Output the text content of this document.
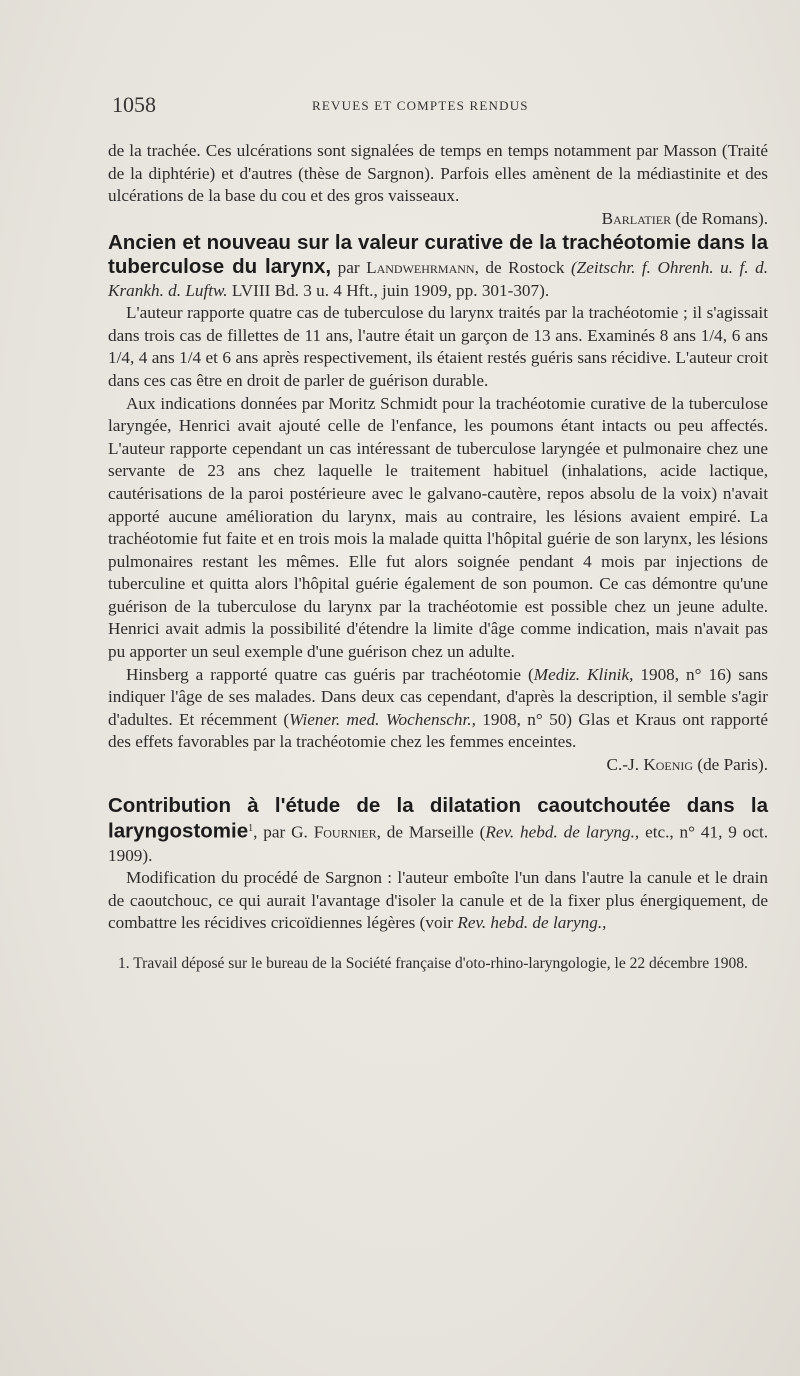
1058	REVUES ET COMPTES RENDUS

de la trachée. Ces ulcérations sont signalées de temps en temps notamment par Masson (Traité de la diphtérie) et d'autres (thèse de Sargnon). Parfois elles amènent de la médiastinite et des ulcérations de la base du cou et des gros vaisseaux.

Barlatier (de Romans).

Ancien et nouveau sur la valeur curative de la trachéotomie dans la tuberculose du larynx, par Landwehrmann, de Rostock (Zeitschr. f. Ohrenh. u. f. d. Krankh. d. Luftw. LVIII Bd. 3 u. 4 Hft., juin 1909, pp. 301-307).

L'auteur rapporte quatre cas de tuberculose du larynx traités par la trachéotomie ; il s'agissait dans trois cas de fillettes de 11 ans, l'autre était un garçon de 13 ans. Examinés 8 ans 1/4, 6 ans 1/4, 4 ans 1/4 et 6 ans après respectivement, ils étaient restés guéris sans récidive. L'auteur croit dans ces cas être en droit de parler de guérison durable.

Aux indications données par Moritz Schmidt pour la trachéotomie curative de la tuberculose laryngée, Henrici avait ajouté celle de l'enfance, les poumons étant intacts ou peu affectés. L'auteur rapporte cependant un cas intéressant de tuberculose laryngée et pulmonaire chez une servante de 23 ans chez laquelle le traitement habituel (inhalations, acide lactique, cautérisations de la paroi postérieure avec le galvano-cautère, repos absolu de la voix) n'avait apporté aucune amélioration du larynx, mais au contraire, les lésions avaient empiré. La trachéotomie fut faite et en trois mois la malade quitta l'hôpital guérie de son larynx, les lésions pulmonaires restant les mêmes. Elle fut alors soignée pendant 4 mois par injections de tuberculine et quitta alors l'hôpital guérie également de son poumon. Ce cas démontre qu'une guérison de la tuberculose du larynx par la trachéotomie est possible chez un jeune adulte. Henrici avait admis la possibilité d'étendre la limite d'âge comme indication, mais n'avait pas pu apporter un seul exemple d'une guérison chez un adulte.

Hinsberg a rapporté quatre cas guéris par trachéotomie (Mediz. Klinik, 1908, n° 16) sans indiquer l'âge de ses malades. Dans deux cas cependant, d'après la description, il semble s'agir d'adultes. Et récemment (Wiener. med. Wochenschr., 1908, n° 50) Glas et Kraus ont rapporté des effets favorables par la trachéotomie chez les femmes enceintes.

C.-J. Koenig (de Paris).

Contribution à l'étude de la dilatation caoutchoutée dans la laryngostomie$^1$, par G. Fournier, de Marseille (Rev. hebd. de laryng., etc., n° 41, 9 oct. 1909).

Modification du procédé de Sargnon : l'auteur emboîte l'un dans l'autre la canule et le drain de caoutchouc, ce qui aurait l'avantage d'isoler la canule et de la fixer plus énergiquement, de combattre les récidives cricoïdiennes légères (voir Rev. hebd. de laryng.,

1. Travail déposé sur le bureau de la Société française d'oto-rhino-laryngologie, le 22 décembre 1908.
